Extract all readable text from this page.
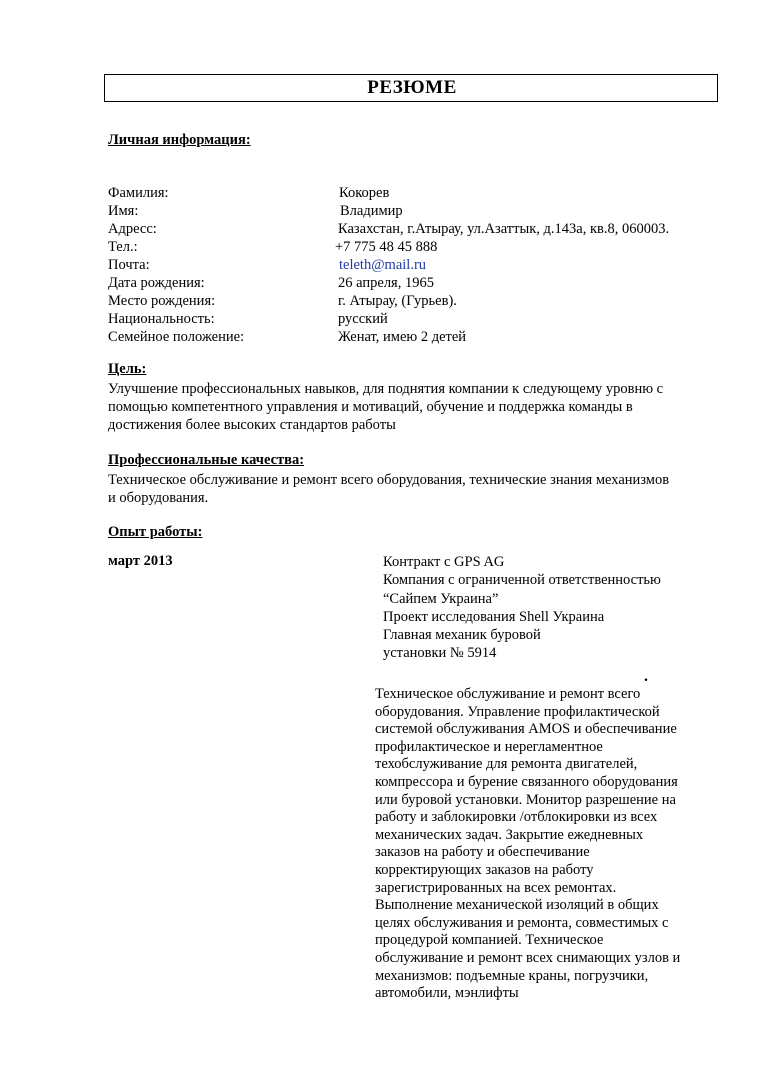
РЕЗЮМЕ
Личная информация:
Фамилия:	Кокорев
Имя:	Владимир
Адресс:	Казахстан, г.Атырау, ул.Азаттык, д.143а, кв.8, 060003.
Тел.:	+7 775 48 45 888
Почта:	teleth@mail.ru
Дата рождения:	26 апреля, 1965
Место рождения:	г. Атырау, (Гурьев).
Национальность:	русский
Семейное положение:	Женат, имею 2 детей
Цель:
Улучшение профессиональных навыков, для поднятия компании к следующему уровню с
помощью компетентного управления и мотиваций, обучение и поддержка команды в
достижения более высоких стандартов работы
Профессиональные качества:
Техническое обслуживание и ремонт всего оборудования, технические знания механизмов
и оборудования.
Опыт работы:
март 2013	Контракт с GPS AG
Компания с ограниченной ответственностью
“Сайпем Украина”
Проект исследования Shell Украина
Главная механик буровой
установки № 5914
.
Техническое обслуживание и ремонт всего
оборудования. Управление профилактической
системой обслуживания AMOS и обеспечивание
профилактическое и нерегламентное
техобслуживание для ремонта двигателей,
компрессора и бурение связанного оборудования
или буровой установки. Монитор разрешение на
работу и заблокировки /отблокировки из всех
механических задач. Закрытие ежедневных
заказов на работу и обеспечивание
корректирующих заказов на работу
зарегистрированных на всех ремонтах.
Выполнение механической изоляций в общих
целях обслуживания и ремонта, совместимых с
процедурой компанией. Техническое
обслуживание и ремонт всех снимающих узлов и
механизмов: подъемные краны, погрузчики,
автомобили, мэнлифты
